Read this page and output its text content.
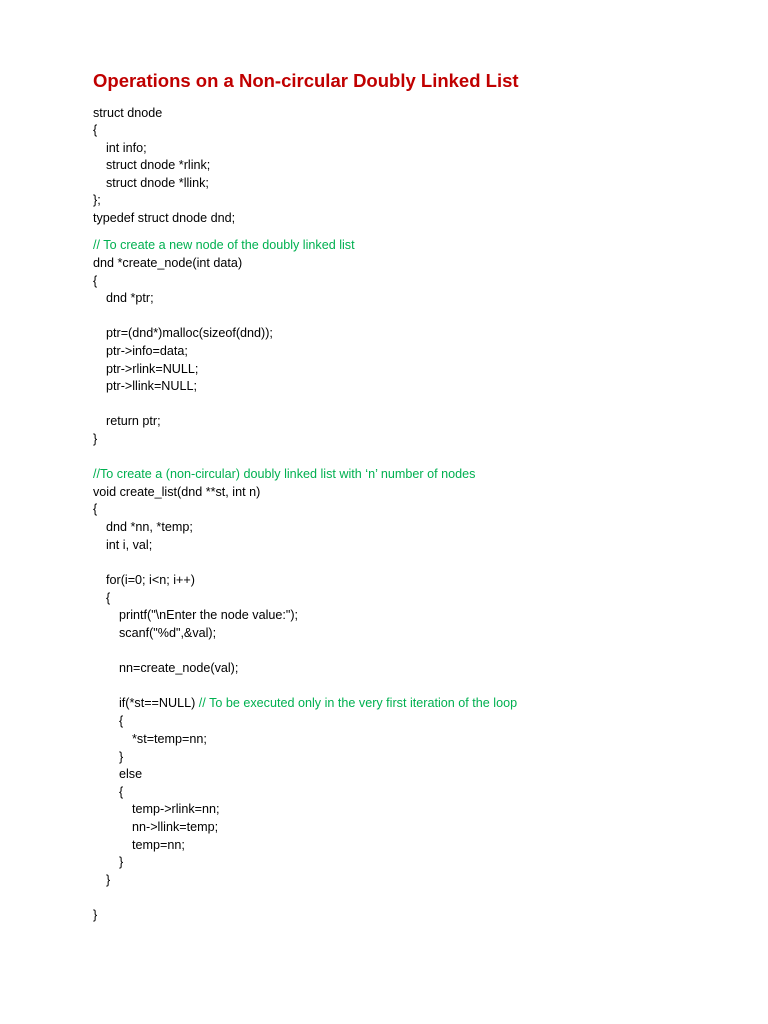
Operations on a Non-circular Doubly Linked List
struct dnode
{
int info;
struct dnode *rlink;
struct dnode *llink;
};
typedef struct dnode dnd;
// To create a new node of the doubly linked list
dnd *create_node(int data)
{
dnd *ptr;
ptr=(dnd*)malloc(sizeof(dnd));
ptr->info=data;
ptr->rlink=NULL;
ptr->llink=NULL;
return ptr;
}
//To create a (non-circular) doubly linked list with ‘n’ number of nodes
void create_list(dnd **st, int n)
{
dnd *nn, *temp;
int i, val;
for(i=0; i<n; i++)
{
printf("\nEnter the node value:");
scanf("%d",&val);
nn=create_node(val);
if(*st==NULL) // To be executed only in the very first iteration of the loop
{
*st=temp=nn;
}
else
{
temp->rlink=nn;
nn->llink=temp;
temp=nn;
}
}
}
